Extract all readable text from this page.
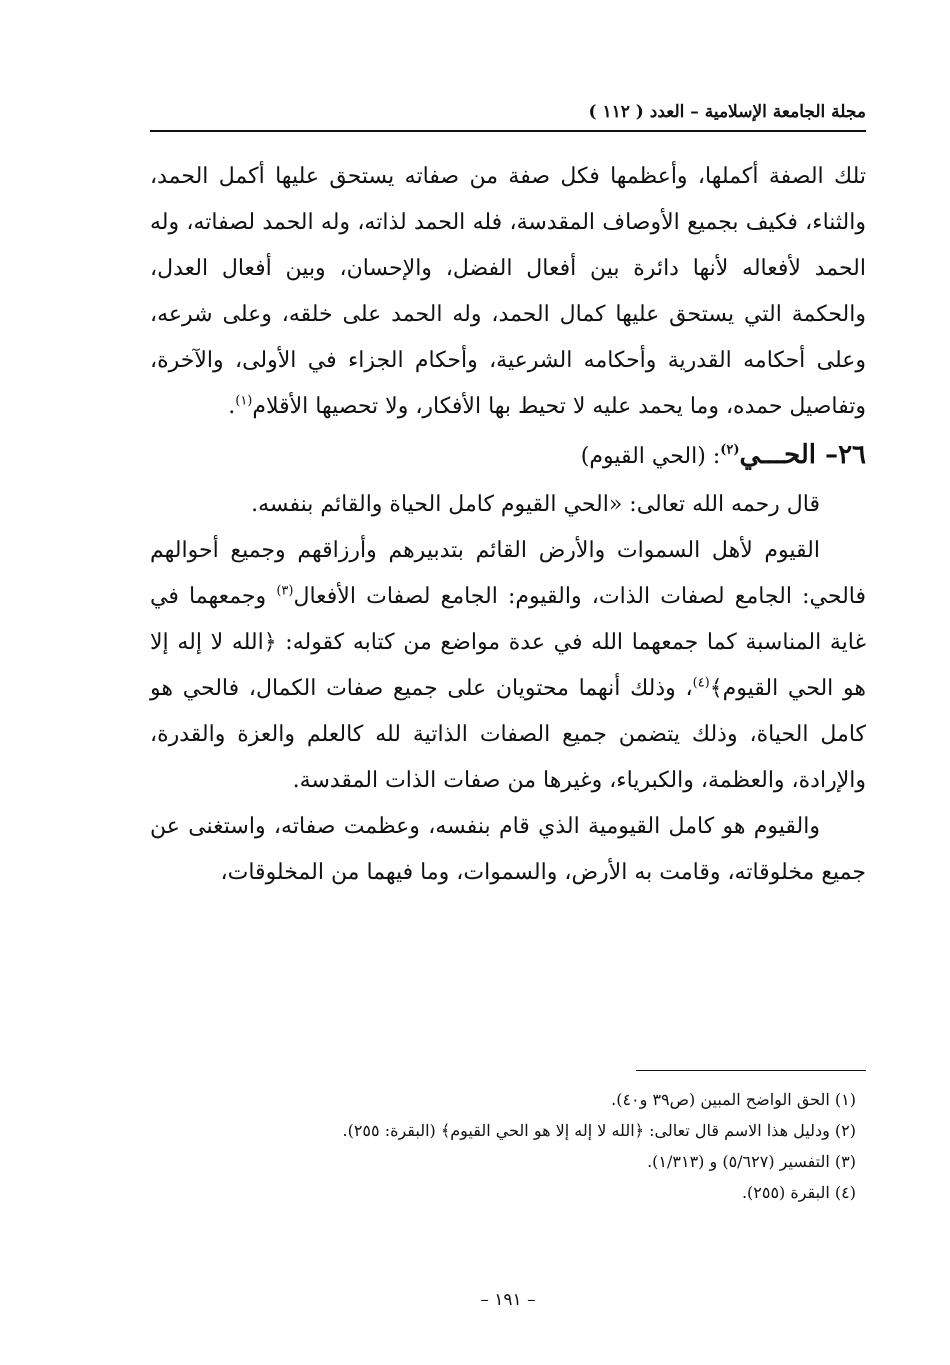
مجلة الجامعة الإسلامية – العدد ( ١١٢ )

تلك الصفة أكملها، وأعظمها فكل صفة من صفاته يستحق عليها أكمل الحمد، والثناء، فكيف بجميع الأوصاف المقدسة، فله الحمد لذاته، وله الحمد لصفاته، وله الحمد لأفعاله لأنها دائرة بين أفعال الفضل، والإحسان، وبين أفعال العدل، والحكمة التي يستحق عليها كمال الحمد، وله الحمد على خلقه، وعلى شرعه، وعلى أحكامه القدرية وأحكامه الشرعية، وأحكام الجزاء في الأولى، والآخرة، وتفاصيل حمده، وما يحمد عليه لا تحيط بها الأفكار، ولا تحصيها الأقلام$^{(١)}$.

٢٦– الحـــي$^{(٢)}$: (الحي القيوم)

قال رحمه الله تعالى: «الحي القيوم كامل الحياة والقائم بنفسه.

القيوم لأهل السموات والأرض القائم بتدبيرهم وأرزاقهم وجميع أحوالهم فالحي: الجامع لصفات الذات، والقيوم: الجامع لصفات الأفعال$^{(٣)}$ وجمعهما في غاية المناسبة كما جمعهما الله في عدة مواضع من كتابه كقوله: ﴿الله لا إله إلا هو الحي القيوم﴾$^{(٤)}$، وذلك أنهما محتويان على جميع صفات الكمال، فالحي هو كامل الحياة، وذلك يتضمن جميع الصفات الذاتية لله كالعلم والعزة والقدرة، والإرادة، والعظمة، والكبرياء، وغيرها من صفات الذات المقدسة.

والقيوم هو كامل القيومية الذي قام بنفسه، وعظمت صفاته، واستغنى عن جميع مخلوقاته، وقامت به الأرض، والسموات، وما فيهما من المخلوقات،

(١) الحق الواضح المبين (ص٣٩ و٤٠).

(٢) ودليل هذا الاسم قال تعالى: ﴿الله لا إله إلا هو الحي القيوم﴾ (البقرة: ٢٥٥).

(٣) التفسير (٥/٦٢٧) و (١/٣١٣).

(٤) البقرة (٢٥٥).

– ١٩١ –
